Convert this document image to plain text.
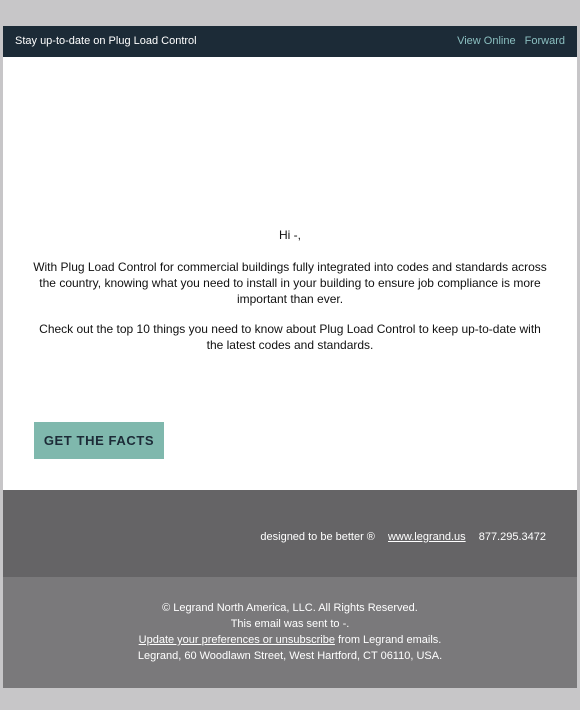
Stay up-to-date on Plug Load Control	View Online Forward
Hi -,
With Plug Load Control for commercial buildings fully integrated into codes and standards across the country, knowing what you need to install in your building to ensure job compliance is more important than ever.
Check out the top 10 things you need to know about Plug Load Control to keep up-to-date with the latest codes and standards.
GET THE FACTS
designed to be better ® www.legrand.us 877.295.3472
© Legrand North America, LLC. All Rights Reserved.
This email was sent to -.
Update your preferences or unsubscribe from Legrand emails.
Legrand, 60 Woodlawn Street, West Hartford, CT 06110, USA.
